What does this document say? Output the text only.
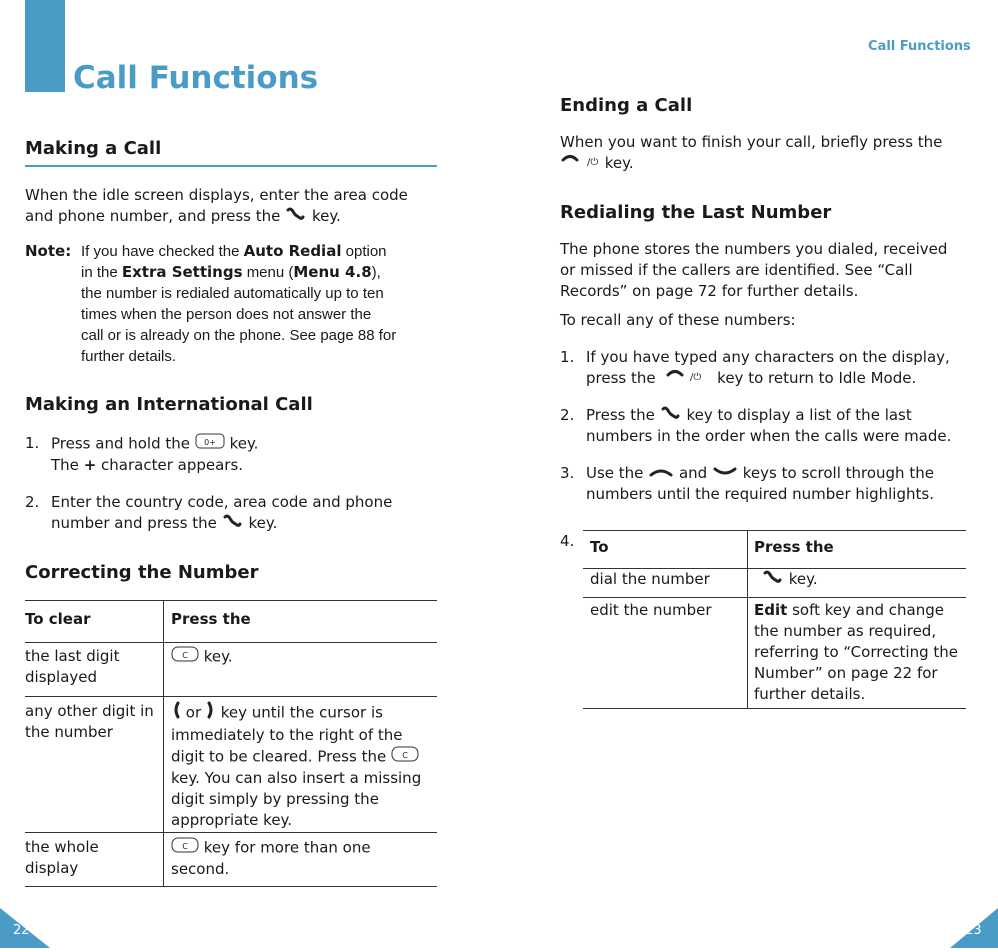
Call Functions
Making a Call

When the idle screen displays, enter the area code

and phone number, and press the key.

Note: If you have checked the Auto Redial option

in the Extra Settings menu (Menu 4.8),

the number is redialed automatically up to ten

times when the person does not answer the

call or is already on the phone. See page 88 for

further details.

Making an International Call
1. Press and hold the 0+ key.

The + character appears.

2. Enter the country code, area code and phone

number and press the key.

Correcting the Number
To clear	Press the
the last digit displayed	C key.
any other digit in the number	or key until the cursor is immediately to the right of the digit to be cleared. Press the C
key. You can also insert a missing digit simply by pressing the appropriate key.
the whole display	C key for more than one second.
22
Call Functions
Ending a Call

When you want to finish your call, briefly press the

/⏻ key.

Redialing the Last Number

The phone stores the numbers you dialed, received

or missed if the callers are identified. See “Call

Records” on page 72 for further details.

To recall any of these numbers:

1. If you have typed any characters on the display,

press the	/⏻ key to return to Idle Mode.

2. Press the key to display a list of the last

numbers in the order when the calls were made.

3. Use the and keys to scroll through the

numbers until the required number highlights.

4. To	Press the
dial the number	key.
edit the number	Edit soft key and change the number as required, referring to “Correcting the Number” on page 22 for further details.
23
